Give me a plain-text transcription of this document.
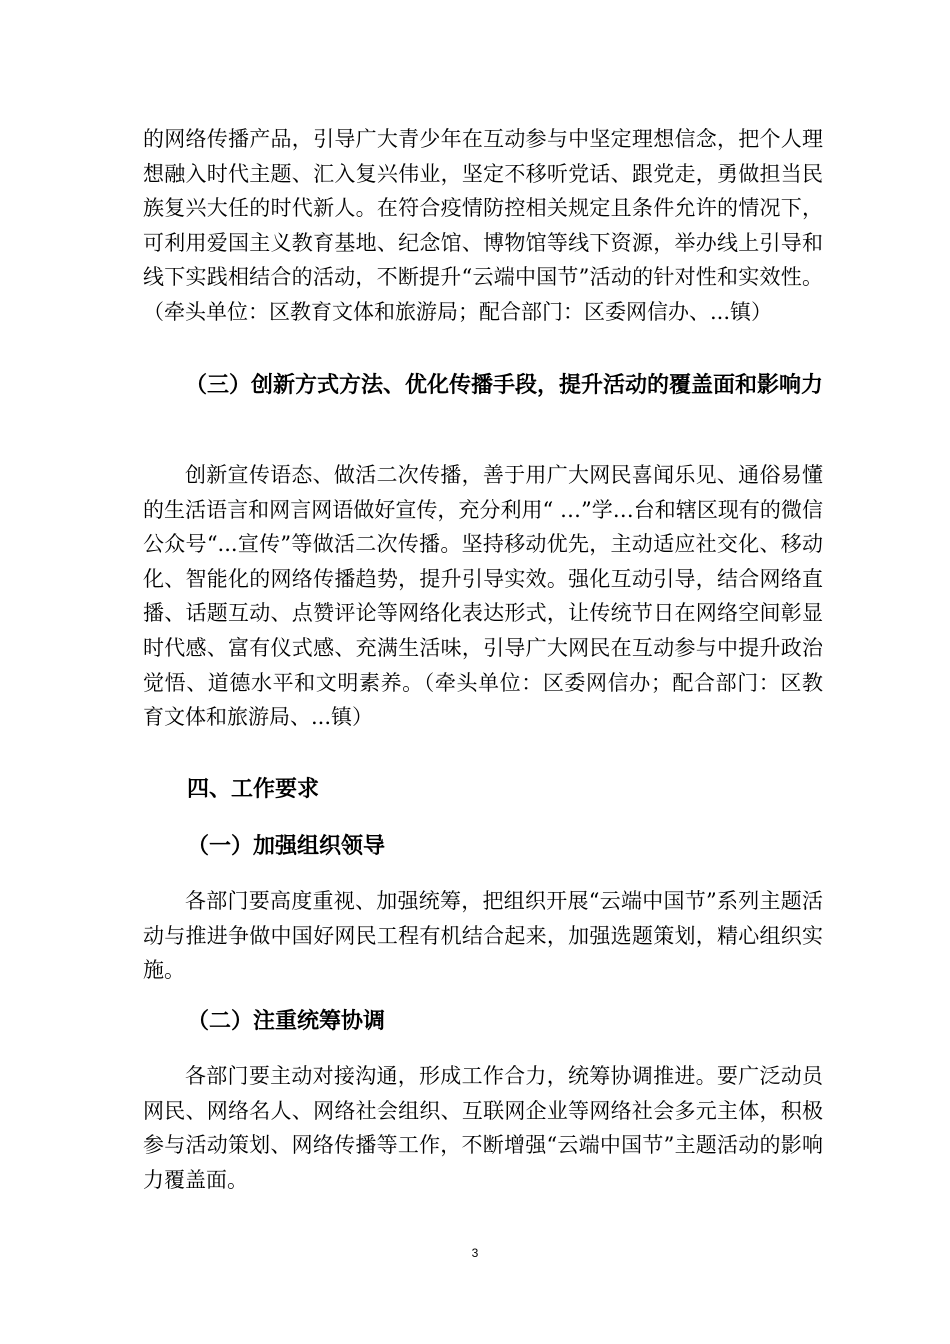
的网络传播产品，引导广大青少年在互动参与中坚定理想信念，把个人理想融入时代主题、汇入复兴伟业，坚定不移听党话、跟党走，勇做担当民族复兴大任的时代新人。在符合疫情防控相关规定且条件允许的情况下，可利用爱国主义教育基地、纪念馆、博物馆等线下资源，举办线上引导和线下实践相结合的活动，不断提升“云端中国节”活动的针对性和实效性。（牵头单位：区教育文体和旅游局；配合部门：区委网信办、...镇）

（三）创新方式方法、优化传播手段，提升活动的覆盖面和影响力

创新宣传语态、做活二次传播，善于用广大网民喜闻乐见、通俗易懂的生活语言和网言网语做好宣传，充分利用“ …”学…台和辖区现有的微信公众号“...宣传”等做活二次传播。坚持移动优先，主动适应社交化、移动化、智能化的网络传播趋势，提升引导实效。强化互动引导，结合网络直播、话题互动、点赞评论等网络化表达形式，让传统节日在网络空间彰显时代感、富有仪式感、充满生活味，引导广大网民在互动参与中提升政治觉悟、道德水平和文明素养。（牵头单位：区委网信办；配合部门：区教育文体和旅游局、...镇）

四、工作要求
（一）加强组织领导

各部门要高度重视、加强统筹，把组织开展“云端中国节”系列主题活动与推进争做中国好网民工程有机结合起来，加强选题策划，精心组织实施。

（二）注重统筹协调

各部门要主动对接沟通，形成工作合力，统筹协调推进。要广泛动员网民、网络名人、网络社会组织、互联网企业等网络社会多元主体，积极参与活动策划、网络传播等工作，不断增强“云端中国节”主题活动的影响力覆盖面。

3
